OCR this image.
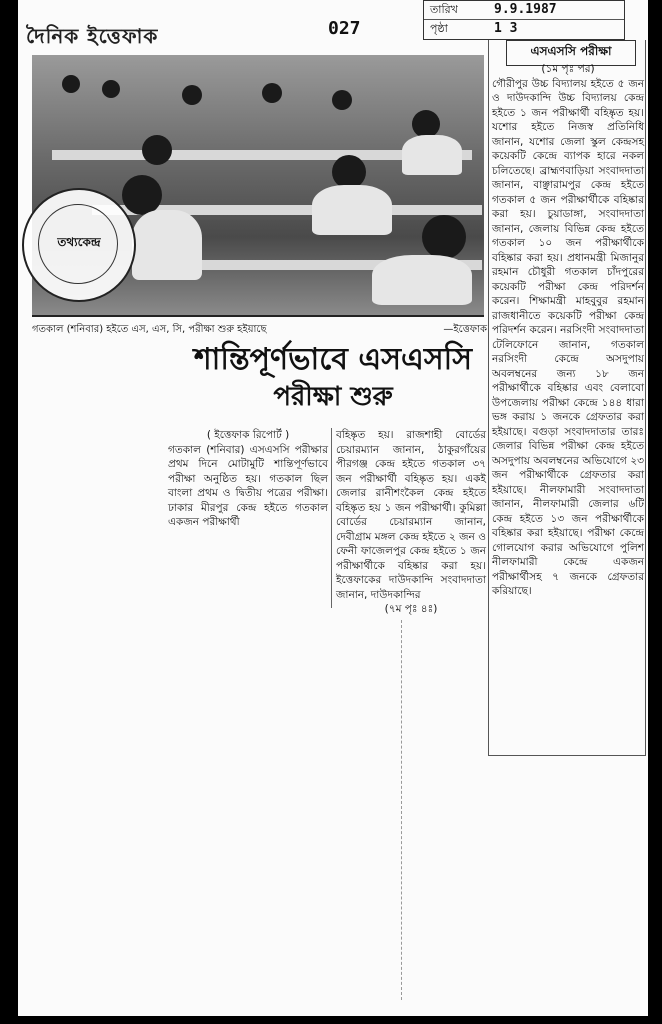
দৈনিক ইত্তেফাক	027
তারিখ	9.9.1987
পৃষ্ঠা	1 3
তথ্যকেন্দ্র
গতকাল (শনিবার) হইতে এস, এস, সি, পরীক্ষা শুরু হইয়াছে	—ইত্তেফাক
শান্তিপূর্ণভাবে এসএসসি
পরীক্ষা শুরু

( ইত্তেফাক রিপোর্ট )

গতকাল (শনিবার) এসএসসি পরীক্ষার প্রথম দিনে মোটামুটি শান্তিপূর্ণভাবে পরীক্ষা অনুষ্ঠিত হয়। গতকাল ছিল বাংলা প্রথম ও দ্বিতীয় পত্রের পরীক্ষা। ঢাকার মীরপুর কেন্দ্র হইতে গতকাল একজন পরীক্ষার্থী

বহিষ্কৃত হয়। রাজশাহী বোর্ডের চেয়ারম্যান জানান, ঠাকুরগাঁয়ের পীরগঞ্জ কেন্দ্র হইতে গতকাল ৩৭ জন পরীক্ষার্থী বহিষ্কৃত হয়। একই জেলার রানীশংকৈল কেন্দ্র হইতে বহিষ্কৃত হয় ১ জন পরীক্ষার্থী। কুমিল্লা বোর্ডের চেয়ারম্যান জানান, দেবীগ্রাম মঙ্গল কেন্দ্র হইতে ২ জন ও ফেনী ফাজেলপুর কেন্দ্র হইতে ১ জন পরীক্ষার্থীকে বহিষ্কার করা হয়। ইত্তেফাকের দাউদকান্দি সংবাদদাতা জানান, দাউদকান্দির

(৭ম পৃঃ ৪ঃ)

এসএসসি পরীক্ষা

(১ম পৃঃ পর)

গৌরীপুর উচ্চ বিদ্যালয় হইতে ৫ জন ও দাউদকান্দি উচ্চ বিদ্যালয় কেন্দ্র হইতে ১ জন পরীক্ষার্থী বহিষ্কৃত হয়। যশোর হইতে নিজস্ব প্রতিনিধি জানান, যশোর জেলা স্কুল কেন্দ্রসহ কয়েকটি কেন্দ্রে ব্যাপক হারে নকল চলিতেছে। ব্রাহ্মণবাড়িয়া সংবাদদাতা জানান, বাঞ্ছারামপুর কেন্দ্র হইতে গতকাল ৫ জন পরীক্ষার্থীকে বহিষ্কার করা হয়। চুয়াডাঙ্গা, সংবাদদাতা জানান, জেলায় বিভিন্ন কেন্দ্র হইতে গতকাল ১০ জন পরীক্ষার্থীকে বহিষ্কার করা হয়। প্রধানমন্ত্রী মিজানুর রহমান চৌধুরী গতকাল চাঁদপুরের কয়েকটি পরীক্ষা কেন্দ্র পরিদর্শন করেন। শিক্ষামন্ত্রী মাহবুবুর রহমান রাজধানীতে কয়েকটি পরীক্ষা কেন্দ্র পরিদর্শন করেন। নরসিংদী সংবাদদাতা টেলিফোনে জানান, গতকাল নরসিংদী কেন্দ্রে অসদুপায় অবলম্বনের জন্য ১৮ জন পরীক্ষার্থীকে বহিষ্কার এবং বেলাবো উপজেলায় পরীক্ষা কেন্দ্রে ১৪৪ ধারা ভঙ্গ করায় ১ জনকে গ্রেফতার করা হইয়াছে। বগুড়া সংবাদদাতার তারঃ জেলার বিভিন্ন পরীক্ষা কেন্দ্র হইতে অসদুপায় অবলম্বনের অভিযোগে ২৩ জন পরীক্ষার্থীকে গ্রেফতার করা হইয়াছে। নীলফামারী সংবাদদাতা জানান, নীলফামারী জেলার ৬টি কেন্দ্র হইতে ১৩ জন পরীক্ষার্থীকে বহিষ্কার করা হইয়াছে। পরীক্ষা কেন্দ্রে গোলযোগ করার অভিযোগে পুলিশ নীলফামারী কেন্দ্রে একজন পরীক্ষার্থীসহ ৭ জনকে গ্রেফতার করিয়াছে।
